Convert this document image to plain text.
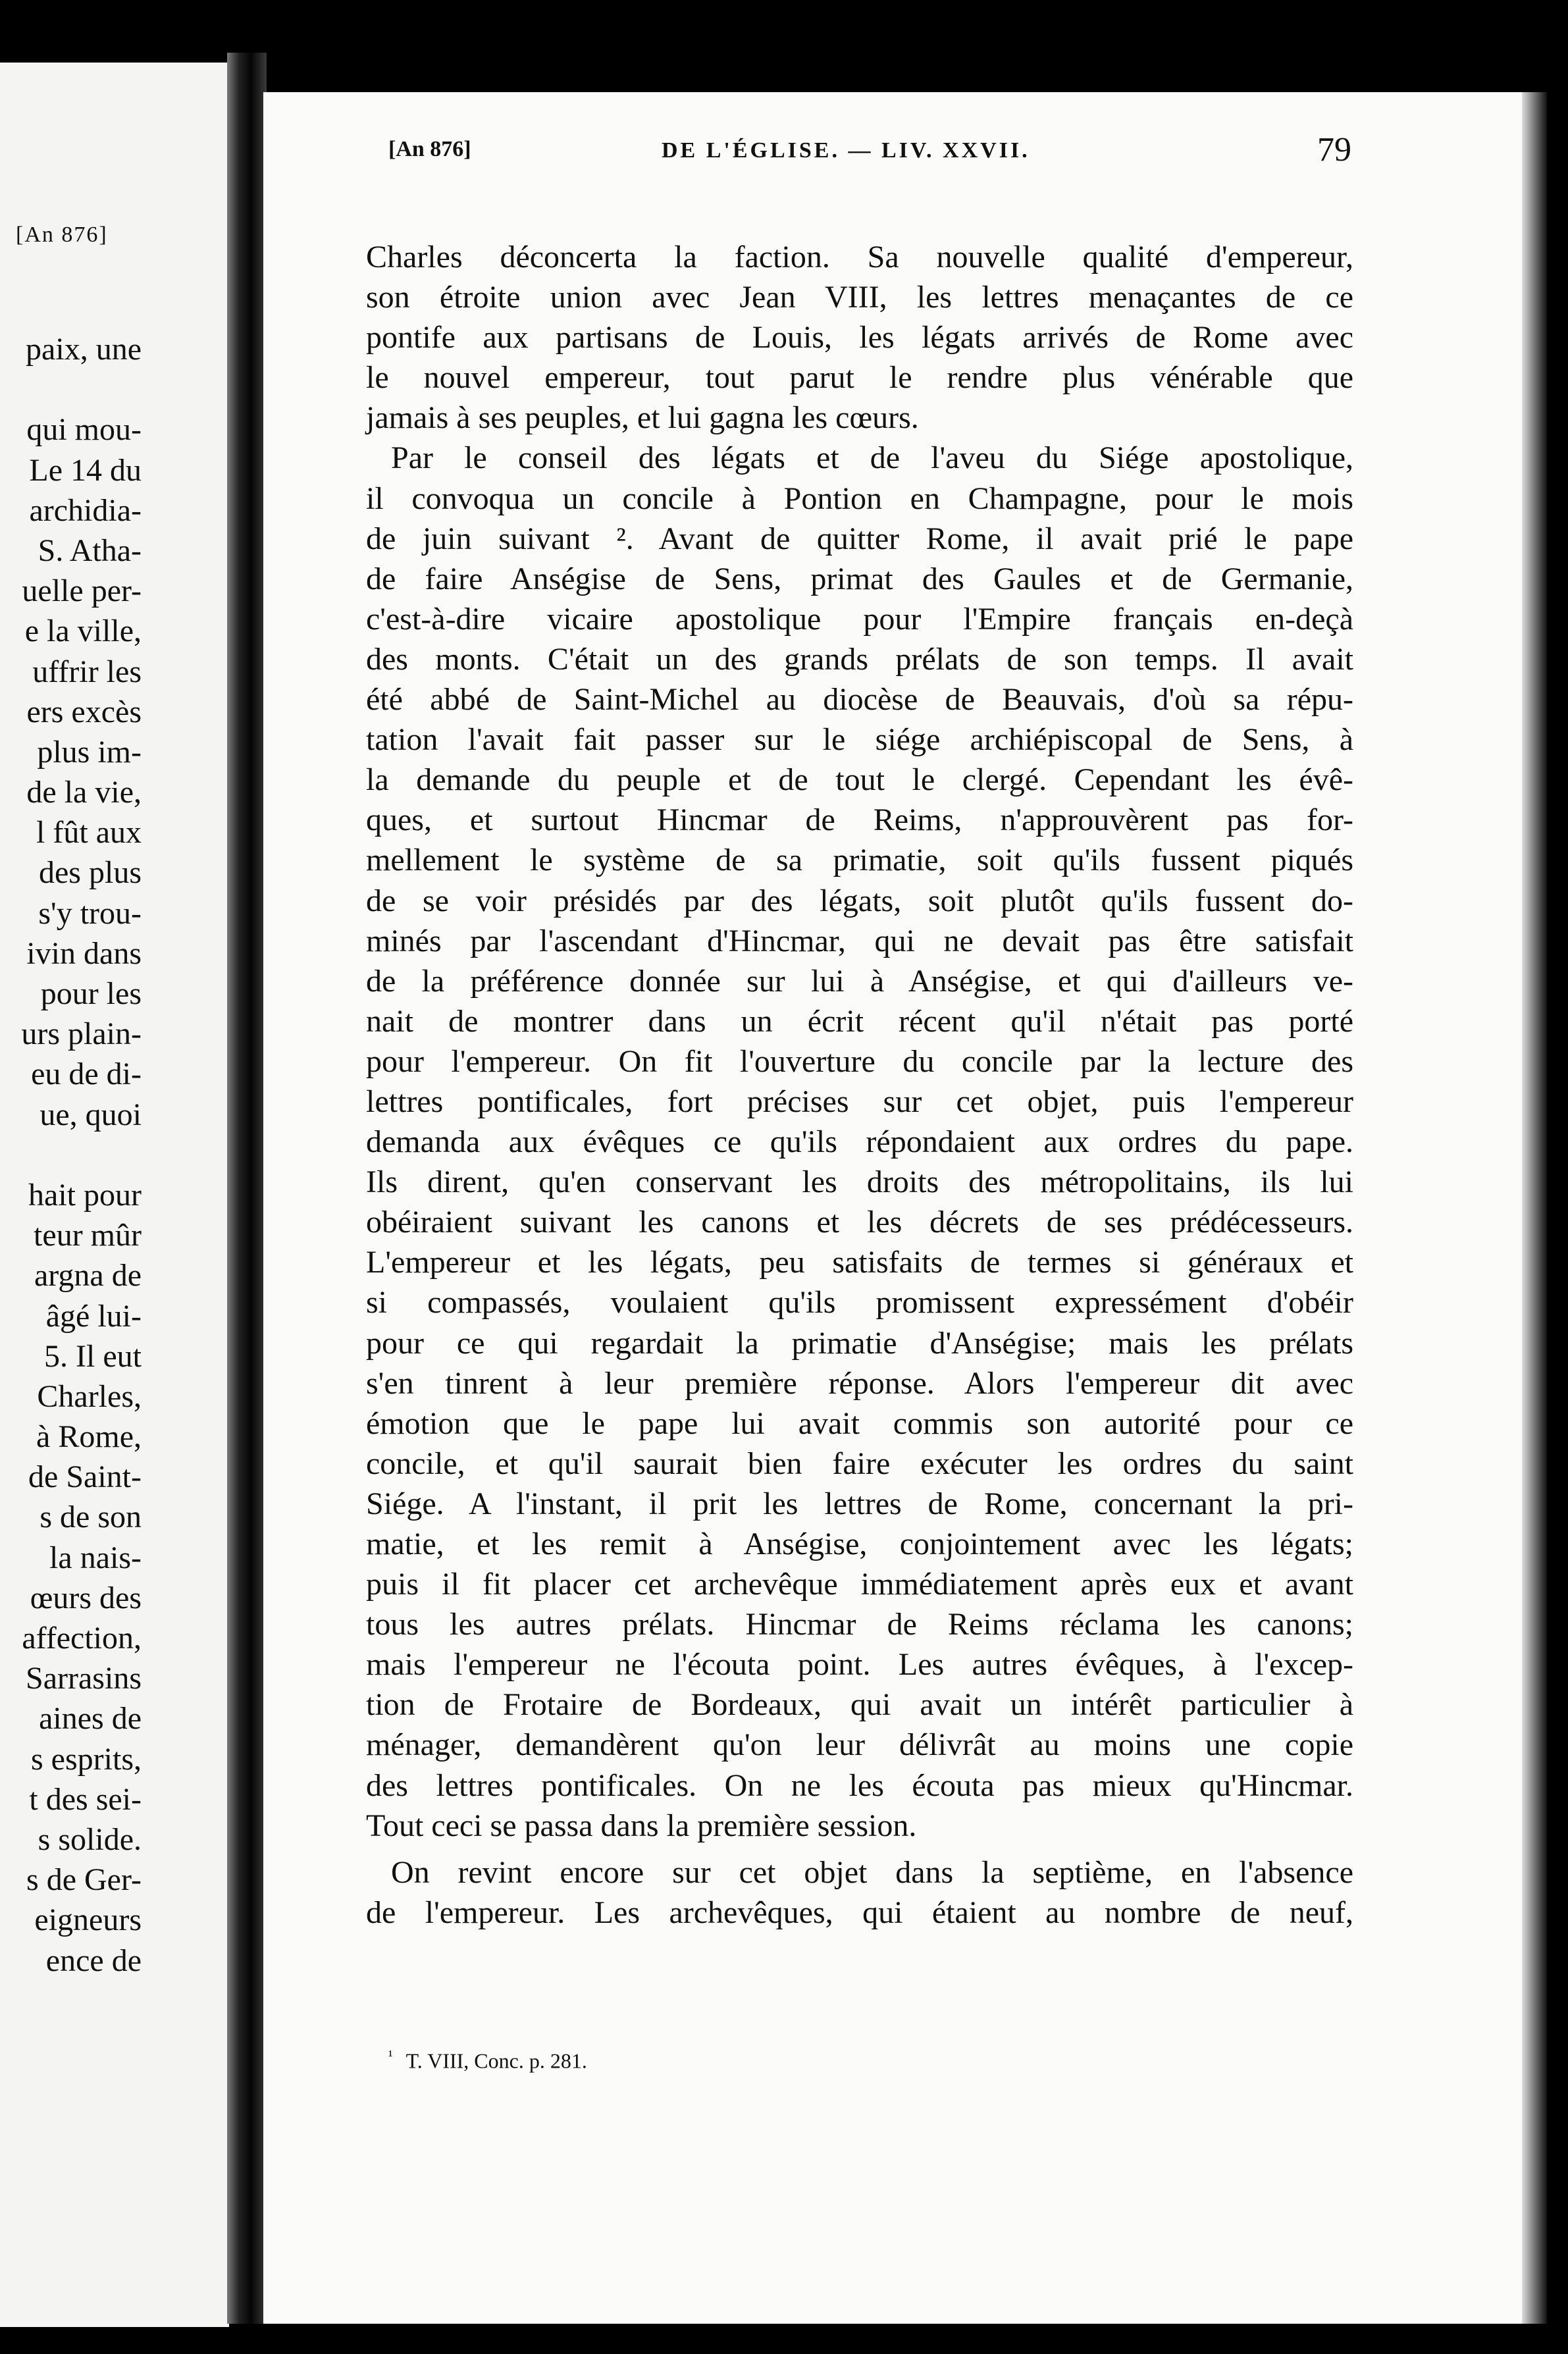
[An 876]
paix, une
qui mou-
Le 14 du
archidia-
S. Atha-
uelle per-
e la ville,
uffrir les
ers excès
plus im-
de la vie,
l fût aux
des plus
s'y trou-
ivin dans
pour les
urs plain-
eu de di-
ue, quoi
hait pour
teur mûr
argna de
âgé lui-
5. Il eut
Charles,
à Rome,
de Saint-
s de son
la nais-
œurs des
affection,
Sarrasins
aines de
s esprits,
t des sei-
s solide.
s de Ger-
eigneurs
ence de
[An 876]	DE L'ÉGLISE. — LIV. XXVII.	79
Charles déconcerta la faction. Sa nouvelle qualité d'empereur,
son étroite union avec Jean VIII, les lettres menaçantes de ce
pontife aux partisans de Louis, les légats arrivés de Rome avec
le nouvel empereur, tout parut le rendre plus vénérable que
jamais à ses peuples, et lui gagna les cœurs.
Par le conseil des légats et de l'aveu du Siége apostolique,
il convoqua un concile à Pontion en Champagne, pour le mois
de juin suivant ². Avant de quitter Rome, il avait prié le pape
de faire Anségise de Sens, primat des Gaules et de Germanie,
c'est-à-dire vicaire apostolique pour l'Empire français en-deçà
des monts. C'était un des grands prélats de son temps. Il avait
été abbé de Saint-Michel au diocèse de Beauvais, d'où sa répu-
tation l'avait fait passer sur le siége archiépiscopal de Sens, à
la demande du peuple et de tout le clergé. Cependant les évê-
ques, et surtout Hincmar de Reims, n'approuvèrent pas for-
mellement le système de sa primatie, soit qu'ils fussent piqués
de se voir présidés par des légats, soit plutôt qu'ils fussent do-
minés par l'ascendant d'Hincmar, qui ne devait pas être satisfait
de la préférence donnée sur lui à Anségise, et qui d'ailleurs ve-
nait de montrer dans un écrit récent qu'il n'était pas porté
pour l'empereur. On fit l'ouverture du concile par la lecture des
lettres pontificales, fort précises sur cet objet, puis l'empereur
demanda aux évêques ce qu'ils répondaient aux ordres du pape.
Ils dirent, qu'en conservant les droits des métropolitains, ils lui
obéiraient suivant les canons et les décrets de ses prédécesseurs.
L'empereur et les légats, peu satisfaits de termes si généraux et
si compassés, voulaient qu'ils promissent expressément d'obéir
pour ce qui regardait la primatie d'Anségise; mais les prélats
s'en tinrent à leur première réponse. Alors l'empereur dit avec
émotion que le pape lui avait commis son autorité pour ce
concile, et qu'il saurait bien faire exécuter les ordres du saint
Siége. A l'instant, il prit les lettres de Rome, concernant la pri-
matie, et les remit à Anségise, conjointement avec les légats;
puis il fit placer cet archevêque immédiatement après eux et avant
tous les autres prélats. Hincmar de Reims réclama les canons;
mais l'empereur ne l'écouta point. Les autres évêques, à l'excep-
tion de Frotaire de Bordeaux, qui avait un intérêt particulier à
ménager, demandèrent qu'on leur délivrât au moins une copie
des lettres pontificales. On ne les écouta pas mieux qu'Hincmar.
Tout ceci se passa dans la première session.
On revint encore sur cet objet dans la septième, en l'absence
de l'empereur. Les archevêques, qui étaient au nombre de neuf,
$^{^1}$ T. VIII, Conc. p. 281.
